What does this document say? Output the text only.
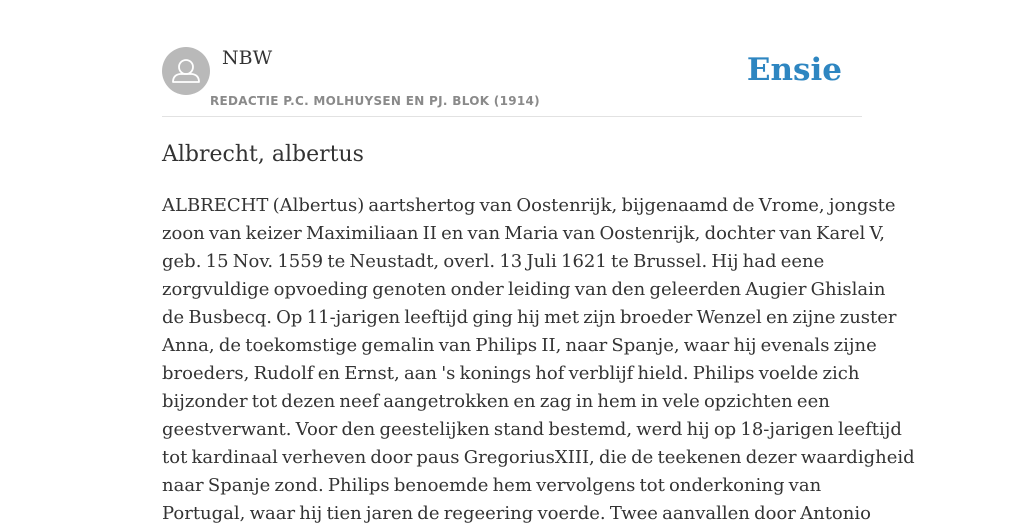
NBW
REDACTIE P.C. MOLHUYSEN EN PJ. BLOK (1914)
Ensie
Albrecht, albertus
ALBRECHT (Albertus) aartshertog van Oostenrijk, bijgenaamd de Vrome, jongste
zoon van keizer Maximiliaan II en van Maria van Oostenrijk, dochter van Karel V,
geb. 15 Nov. 1559 te Neustadt, overl. 13 Juli 1621 te Brussel. Hij had eene
zorgvuldige opvoeding genoten onder leiding van den geleerden Augier Ghislain
de Busbecq. Op 11-jarigen leeftijd ging hij met zijn broeder Wenzel en zijne zuster
Anna, de toekomstige gemalin van Philips II, naar Spanje, waar hij evenals zijne
broeders, Rudolf en Ernst, aan 's konings hof verblijf hield. Philips voelde zich
bijzonder tot dezen neef aangetrokken en zag in hem in vele opzichten een
geestverwant. Voor den geestelijken stand bestemd, werd hij op 18-jarigen leeftijd
tot kardinaal verheven door paus GregoriusXIII, die de teekenen dezer waardigheid
naar Spanje zond. Philips benoemde hem vervolgens tot onderkoning van
Portugal, waar hij tien jaren de regeering voerde. Twee aanvallen door Antonio
